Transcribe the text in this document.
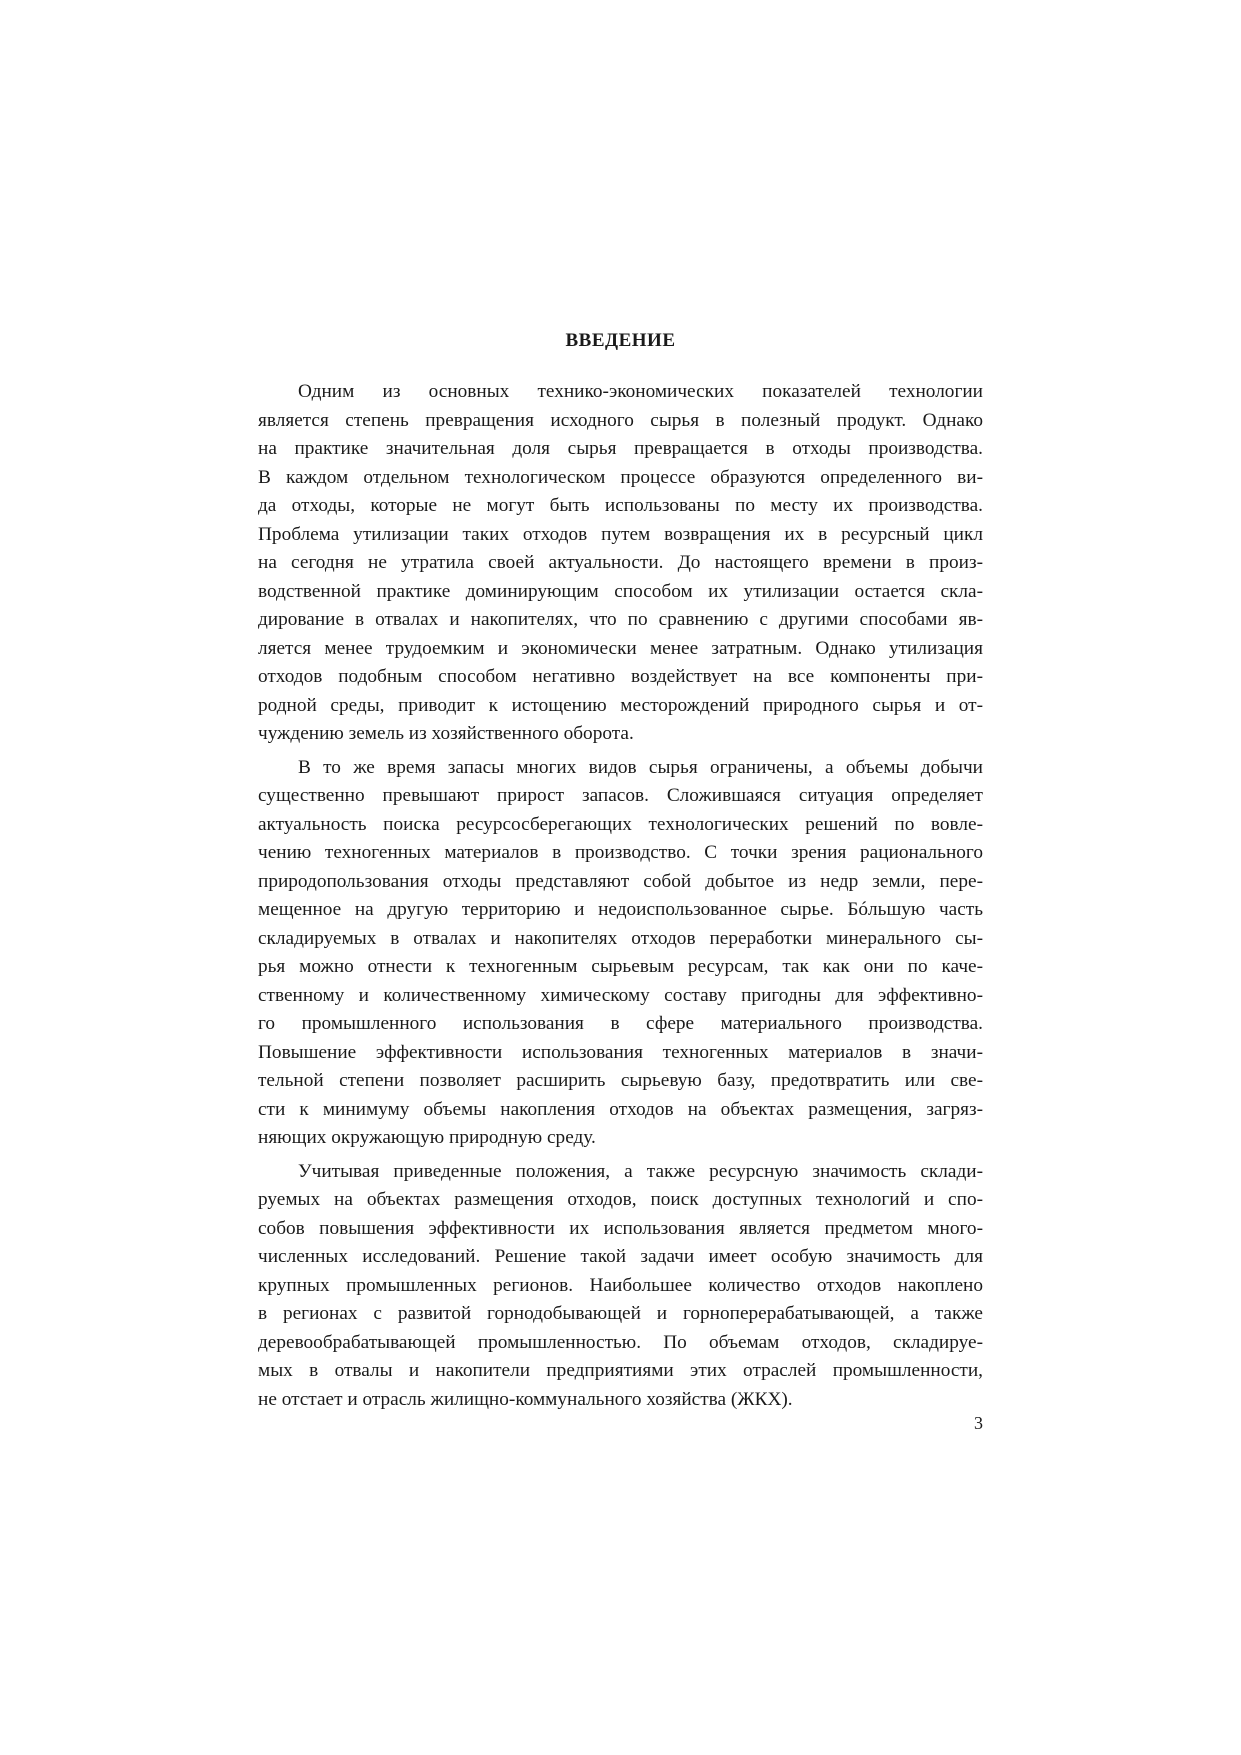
ВВЕДЕНИЕ
Одним из основных технико-экономических показателей технологии
является степень превращения исходного сырья в полезный продукт. Однако
на практике значительная доля сырья превращается в отходы производства.
В каждом отдельном технологическом процессе образуются определенного ви-
да отходы, которые не могут быть использованы по месту их производства.
Проблема утилизации таких отходов путем возвращения их в ресурсный цикл
на сегодня не утратила своей актуальности. До настоящего времени в произ-
водственной практике доминирующим способом их утилизации остается скла-
дирование в отвалах и накопителях, что по сравнению с другими способами яв-
ляется менее трудоемким и экономически менее затратным. Однако утилизация
отходов подобным способом негативно воздействует на все компоненты при-
родной среды, приводит к истощению месторождений природного сырья и от-
чуждению земель из хозяйственного оборота.
В то же время запасы многих видов сырья ограничены, а объемы добычи
существенно превышают прирост запасов. Сложившаяся ситуация определяет
актуальность поиска ресурсосберегающих технологических решений по вовле-
чению техногенных материалов в производство. С точки зрения рационального
природопользования отходы представляют собой добытое из недр земли, пере-
мещенное на другую территорию и недоиспользованное сырье. Бóльшую часть
складируемых в отвалах и накопителях отходов переработки минерального сы-
рья можно отнести к техногенным сырьевым ресурсам, так как они по каче-
ственному и количественному химическому составу пригодны для эффективно-
го промышленного использования в сфере материального производства.
Повышение эффективности использования техногенных материалов в значи-
тельной степени позволяет расширить сырьевую базу, предотвратить или све-
сти к минимуму объемы накопления отходов на объектах размещения, загряз-
няющих окружающую природную среду.
Учитывая приведенные положения, а также ресурсную значимость склади-
руемых на объектах размещения отходов, поиск доступных технологий и спо-
собов повышения эффективности их использования является предметом много-
численных исследований. Решение такой задачи имеет особую значимость для
крупных промышленных регионов. Наибольшее количество отходов накоплено
в регионах с развитой горнодобывающей и горноперерабатывающей, а также
деревообрабатывающей промышленностью. По объемам отходов, складируе-
мых в отвалы и накопители предприятиями этих отраслей промышленности,
не отстает и отрасль жилищно-коммунального хозяйства (ЖКХ).
3
